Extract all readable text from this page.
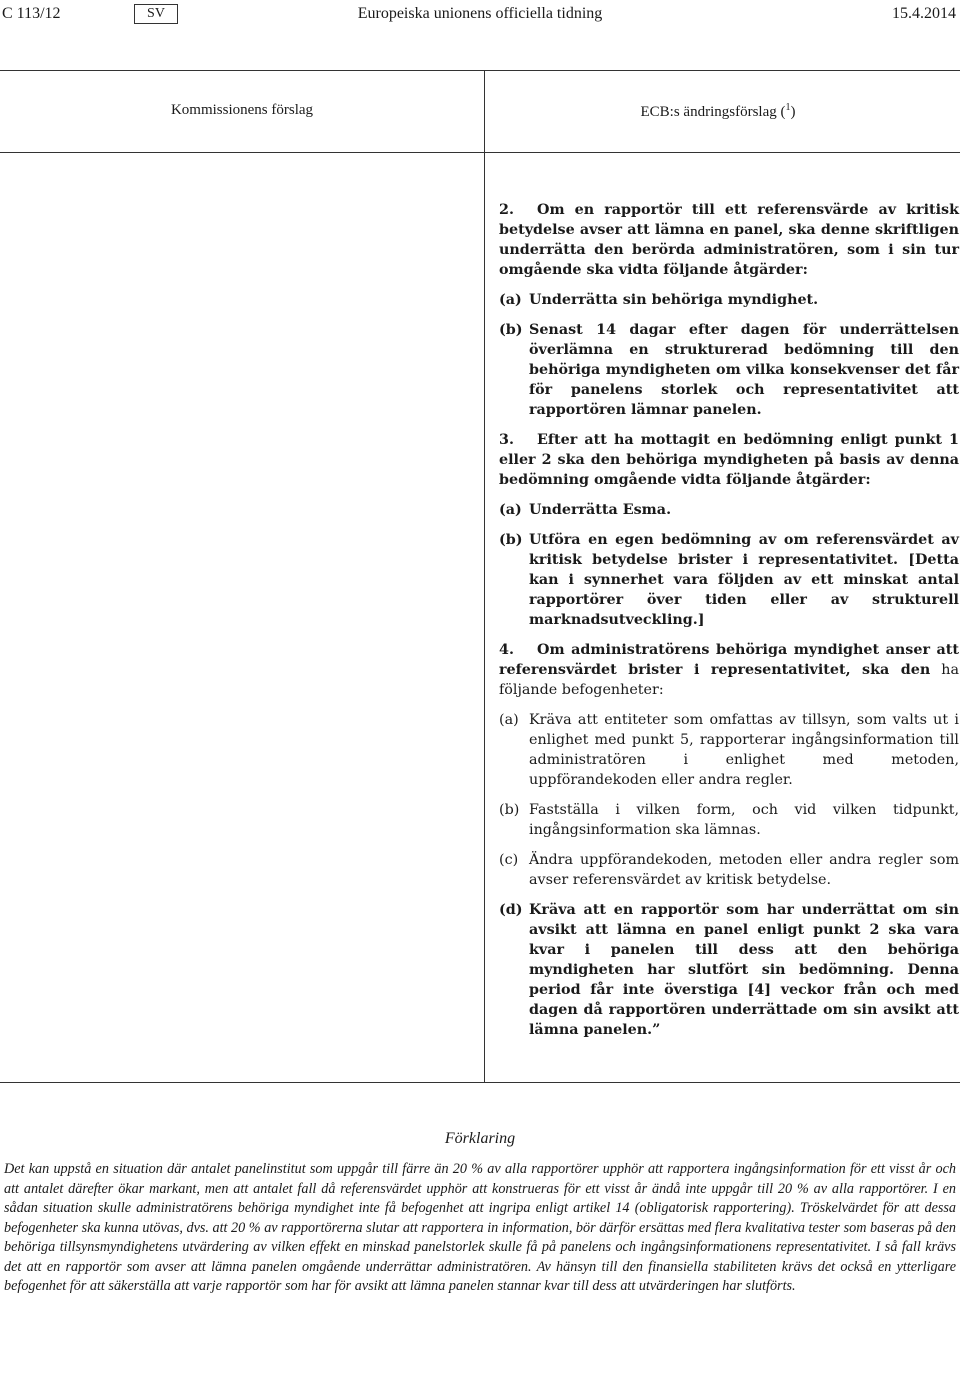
C 113/12	SV	Europeiska unionens officiella tidning	15.4.2014
Kommissionens förslag	ECB:s ändringsförslag ($^1$)

2. Om en rapportör till ett referensvärde av kritisk betydelse avser att lämna en panel, ska denne skriftligen underrätta den berörda administratören, som i sin tur omgående ska vidta följande åtgärder:

(a) Underrätta sin behöriga myndighet.
(b) Senast 14 dagar efter dagen för underrättelsen överlämna en strukturerad bedömning till den behöriga myndigheten om vilka konsekvenser det får för panelens storlek och representativitet att rapportören lämnar panelen.

3. Efter att ha mottagit en bedömning enligt punkt 1 eller 2 ska den behöriga myndigheten på basis av denna bedömning omgående vidta följande åtgärder:

(a) Underrätta Esma.
(b) Utföra en egen bedömning av om referensvärdet av kritisk betydelse brister i representativitet. [Detta kan i synnerhet vara följden av ett minskat antal rapportörer över tiden eller av strukturell marknadsutveckling.]

4. Om administratörens behöriga myndighet anser att referensvärdet brister i representativitet, ska den ha följande befogenheter:

(a) Kräva att entiteter som omfattas av tillsyn, som valts ut i enlighet med punkt 5, rapporterar ingångsinformation till administratören i enlighet med metoden, uppförandekoden eller andra regler.
(b) Fastställa i vilken form, och vid vilken tidpunkt, ingångsinformation ska lämnas.
(c) Ändra uppförandekoden, metoden eller andra regler som avser referensvärdet av kritisk betydelse.
(d) Kräva att en rapportör som har underrättat om sin avsikt att lämna en panel enligt punkt 2 ska vara kvar i panelen till dess att den behöriga myndigheten har slutfört sin bedömning. Denna period får inte överstiga [4] veckor från och med dagen då rapportören underrättade om sin avsikt att lämna panelen.”
Förklaring

Det kan uppstå en situation där antalet panelinstitut som uppgår till färre än 20 % av alla rapportörer upphör att rapportera ingångsinformation för ett visst år och att antalet därefter ökar markant, men att antalet fall då referensvärdet upphör att konstrueras för ett visst år ändå inte uppgår till 20 % av alla rapportörer. I en sådan situation skulle administratörens behöriga myndighet inte få befogenhet att ingripa enligt artikel 14 (obligatorisk rapportering). Tröskelvärdet för att dessa befogenheter ska kunna utövas, dvs. att 20 % av rapportörerna slutar att rapportera in information, bör därför ersättas med flera kvalitativa tester som baseras på den behöriga tillsynsmyndighetens utvärdering av vilken effekt en minskad panelstorlek skulle få på panelens och ingångsinformationens representativitet. I så fall krävs det att en rapportör som avser att lämna panelen omgående underrättar administratören. Av hänsyn till den finansiella stabiliteten krävs det också en ytterligare befogenhet för att säkerställa att varje rapportör som har för avsikt att lämna panelen stannar kvar till dess att utvärderingen har slutförts.
